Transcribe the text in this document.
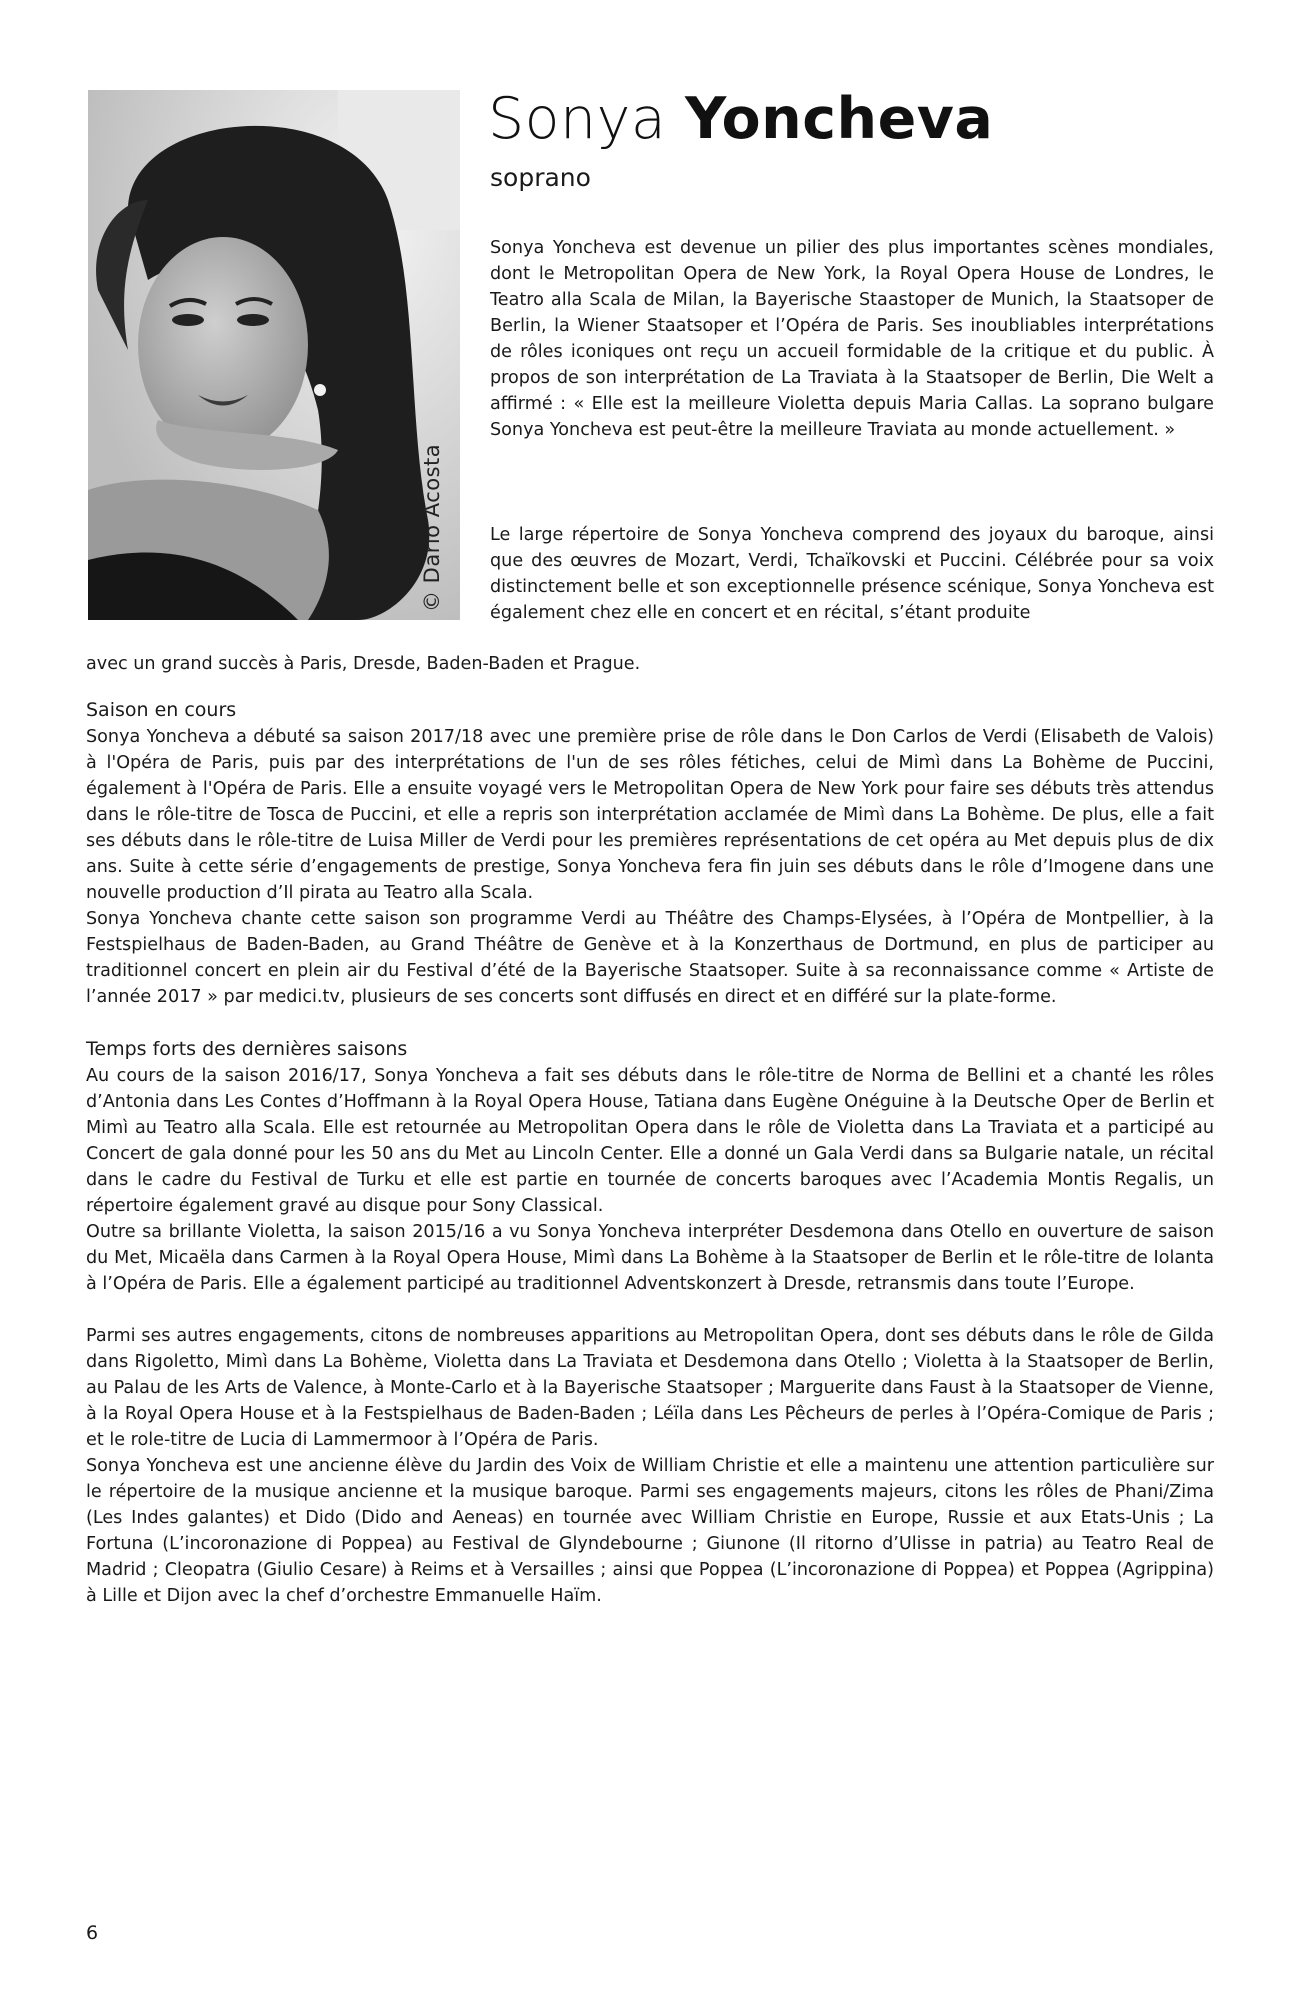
© Dario Acosta
Sonya Yoncheva
soprano

Sonya Yoncheva est devenue un pilier des plus importantes scènes mondiales, dont le Metropolitan Opera de New York, la Royal Opera House de Londres, le Teatro alla Scala de Milan, la Bayerische Staastoper de Munich, la Staatsoper de Berlin, la Wiener Staatsoper et l’Opéra de Paris. Ses inoubliables interprétations de rôles iconiques ont reçu un accueil formidable de la critique et du public. À propos de son interprétation de La Traviata à la Staatsoper de Berlin, Die Welt a affirmé : « Elle est la meilleure Violetta depuis Maria Callas. La soprano bulgare Sonya Yoncheva est peut-être la meilleure Traviata au monde actuellement. »

Le large répertoire de Sonya Yoncheva comprend des joyaux du baroque, ainsi que des œuvres de Mozart, Verdi, Tchaïkovski et Puccini. Célébrée pour sa voix distinctement belle et son exceptionnelle présence scénique, Sonya Yoncheva est également chez elle en concert et en récital, s’étant produite

avec un grand succès à Paris, Dresde, Baden-Baden et Prague.

Saison en cours

Sonya Yoncheva a débuté sa saison 2017/18 avec une première prise de rôle dans le Don Carlos de Verdi (Elisabeth de Valois) à l'Opéra de Paris, puis par des interprétations de l'un de ses rôles fétiches, celui de Mimì dans La Bohème de Puccini, également à l'Opéra de Paris. Elle a ensuite voyagé vers le Metropolitan Opera de New York pour faire ses débuts très attendus dans le rôle-titre de Tosca de Puccini, et elle a repris son interprétation acclamée de Mimì dans La Bohème. De plus, elle a fait ses débuts dans le rôle-titre de Luisa Miller de Verdi pour les premières représentations de cet opéra au Met depuis plus de dix ans. Suite à cette série d’engagements de prestige, Sonya Yoncheva fera fin juin ses débuts dans le rôle d’Imogene dans une nouvelle production d’Il pirata au Teatro alla Scala.

Sonya Yoncheva chante cette saison son programme Verdi au Théâtre des Champs-Elysées, à l’Opéra de Montpellier, à la Festspielhaus de Baden-Baden, au Grand Théâtre de Genève et à la Konzerthaus de Dortmund, en plus de participer au traditionnel concert en plein air du Festival d’été de la Bayerische Staatsoper. Suite à sa reconnaissance comme « Artiste de l’année 2017 » par medici.tv, plusieurs de ses concerts sont diffusés en direct et en différé sur la plate-forme.

Temps forts des dernières saisons

Au cours de la saison 2016/17, Sonya Yoncheva a fait ses débuts dans le rôle-titre de Norma de Bellini et a chanté les rôles d’Antonia dans Les Contes d’Hoffmann à la Royal Opera House, Tatiana dans Eugène Onéguine à la Deutsche Oper de Berlin et Mimì au Teatro alla Scala. Elle est retournée au Metropolitan Opera dans le rôle de Violetta dans La Traviata et a participé au Concert de gala donné pour les 50 ans du Met au Lincoln Center. Elle a donné un Gala Verdi dans sa Bulgarie natale, un récital dans le cadre du Festival de Turku et elle est partie en tournée de concerts baroques avec l’Academia Montis Regalis, un répertoire également gravé au disque pour Sony Classical.

Outre sa brillante Violetta, la saison 2015/16 a vu Sonya Yoncheva interpréter Desdemona dans Otello en ouverture de saison du Met, Micaëla dans Carmen à la Royal Opera House, Mimì dans La Bohème à la Staatsoper de Berlin et le rôle-titre de Iolanta à l’Opéra de Paris. Elle a également participé au traditionnel Adventskonzert à Dresde, retransmis dans toute l’Europe.

Parmi ses autres engagements, citons de nombreuses apparitions au Metropolitan Opera, dont ses débuts dans le rôle de Gilda dans Rigoletto, Mimì dans La Bohème, Violetta dans La Traviata et Desdemona dans Otello ; Violetta à la Staatsoper de Berlin, au Palau de les Arts de Valence, à Monte-Carlo et à la Bayerische Staatsoper ; Marguerite dans Faust à la Staatsoper de Vienne, à la Royal Opera House et à la Festspielhaus de Baden-Baden ; Léïla dans Les Pêcheurs de perles à l’Opéra-Comique de Paris ; et le role-titre de Lucia di Lammermoor à l’Opéra de Paris.

Sonya Yoncheva est une ancienne élève du Jardin des Voix de William Christie et elle a maintenu une attention particulière sur le répertoire de la musique ancienne et la musique baroque. Parmi ses engagements majeurs, citons les rôles de Phani/Zima (Les Indes galantes) et Dido (Dido and Aeneas) en tournée avec William Christie en Europe, Russie et aux Etats-Unis ; La Fortuna (L’incoronazione di Poppea) au Festival de Glyndebourne ; Giunone (Il ritorno d’Ulisse in patria) au Teatro Real de Madrid ; Cleopatra (Giulio Cesare) à Reims et à Versailles ; ainsi que Poppea (L’incoronazione di Poppea) et Poppea (Agrippina) à Lille et Dijon avec la chef d’orchestre Emmanuelle Haïm.

6
